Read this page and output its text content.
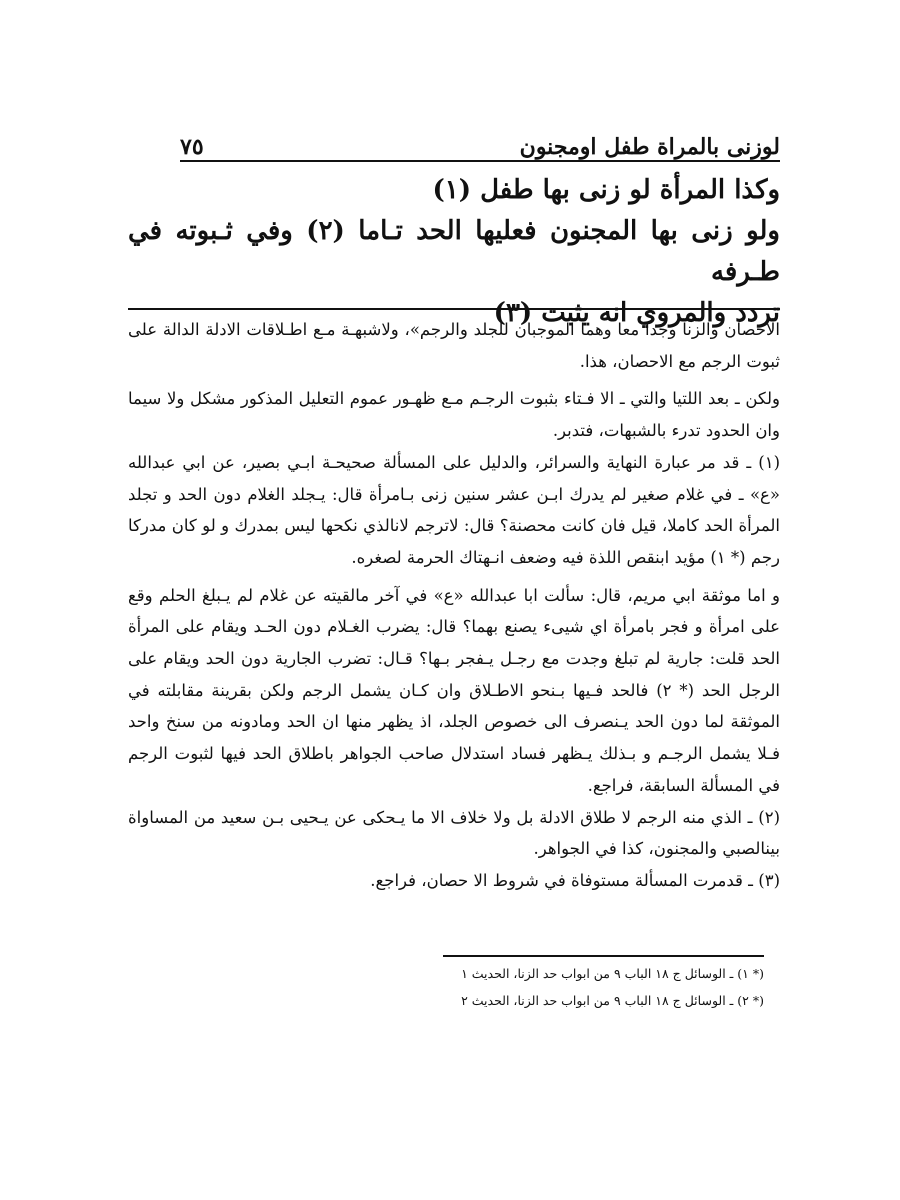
لوزنى بالمراة طفل اومجنون
٧٥

وكذا المرأة لو زنى بها طفل (١)

ولو زنى بها المجنون فعليها الحد تـاما (٢) وفي ثـبوته في طـرفه

تردد والمروي انه يثبت (٣)

الاحصان والزنا وجدا معا وهما الموجبان للجلد والرجم»، ولاشبهـة مـع اطـلاقات الادلة الدالة على ثبوت الرجم مع الاحصان، هذا.

ولكن ـ بعد اللتيا والتي ـ الا فـتاء بثبوت الرجـم مـع ظهـور عموم التعليل المذكور مشكل ولا سيما وان الحدود تدرء بالشبهات، فتدبر.

(١) ـ قد مر عبارة النهاية والسرائر، والدليل على المسألة صحيحـة ابـي بصير، عن ابي عبدالله «ع» ـ في غلام صغير لم يدرك ابـن عشر سنين زنى بـامرأة قال: يـجلد الغلام دون الحد و تجلد المرأة الحد كاملا، قيل فان كانت محصنة؟ قال: لاترجم لانالذي نكحها ليس بمدرك و لو كان مدركا رجم (* ١) مؤيد ابنقص اللذة فيه وضعف انـهتاك الحرمة لصغره.

و اما موثقة ابي مريم، قال: سألت ابا عبدالله «ع» في آخر مالقيته عن غلام لم يـبلغ الحلم وقع على امرأة و فجر بامرأة اي شيىء يصنع بهما؟ قال: يضرب الغـلام دون الحـد ويقام على المرأة الحد قلت: جارية لم تبلغ وجدت مع رجـل يـفجر بـها؟ قـال: تضرب الجارية دون الحد ويقام على الرجل الحد (* ٢) فالحد فـيها بـنحو الاطـلاق وان كـان يشمل الرجم ولكن بقرينة مقابلته في الموثقة لما دون الحد يـنصرف الى خصوص الجلد، اذ يظهر منها ان الحد ومادونه من سنخ واحد فـلا يشمل الرجـم و بـذلك يـظهر فساد استدلال صاحب الجواهر باطلاق الحد فيها لثبوت الرجم في المسألة السابقة، فراجع.

(٢) ـ الذي منه الرجم لا طلاق الادلة بل ولا خلاف الا ما يـحكى عن يـحيى بـن سعيد من المساواة بينالصبي والمجنون، كذا في الجواهر.

(٣) ـ قدمرت المسألة مستوفاة في شروط الا حصان، فراجع.

(* ١) ـ الوسائل ج ١٨ الباب ٩ من ابواب حد الزنا، الحديث ١

(* ٢) ـ الوسائل ج ١٨ الباب ٩ من ابواب حد الزنا، الحديث ٢
